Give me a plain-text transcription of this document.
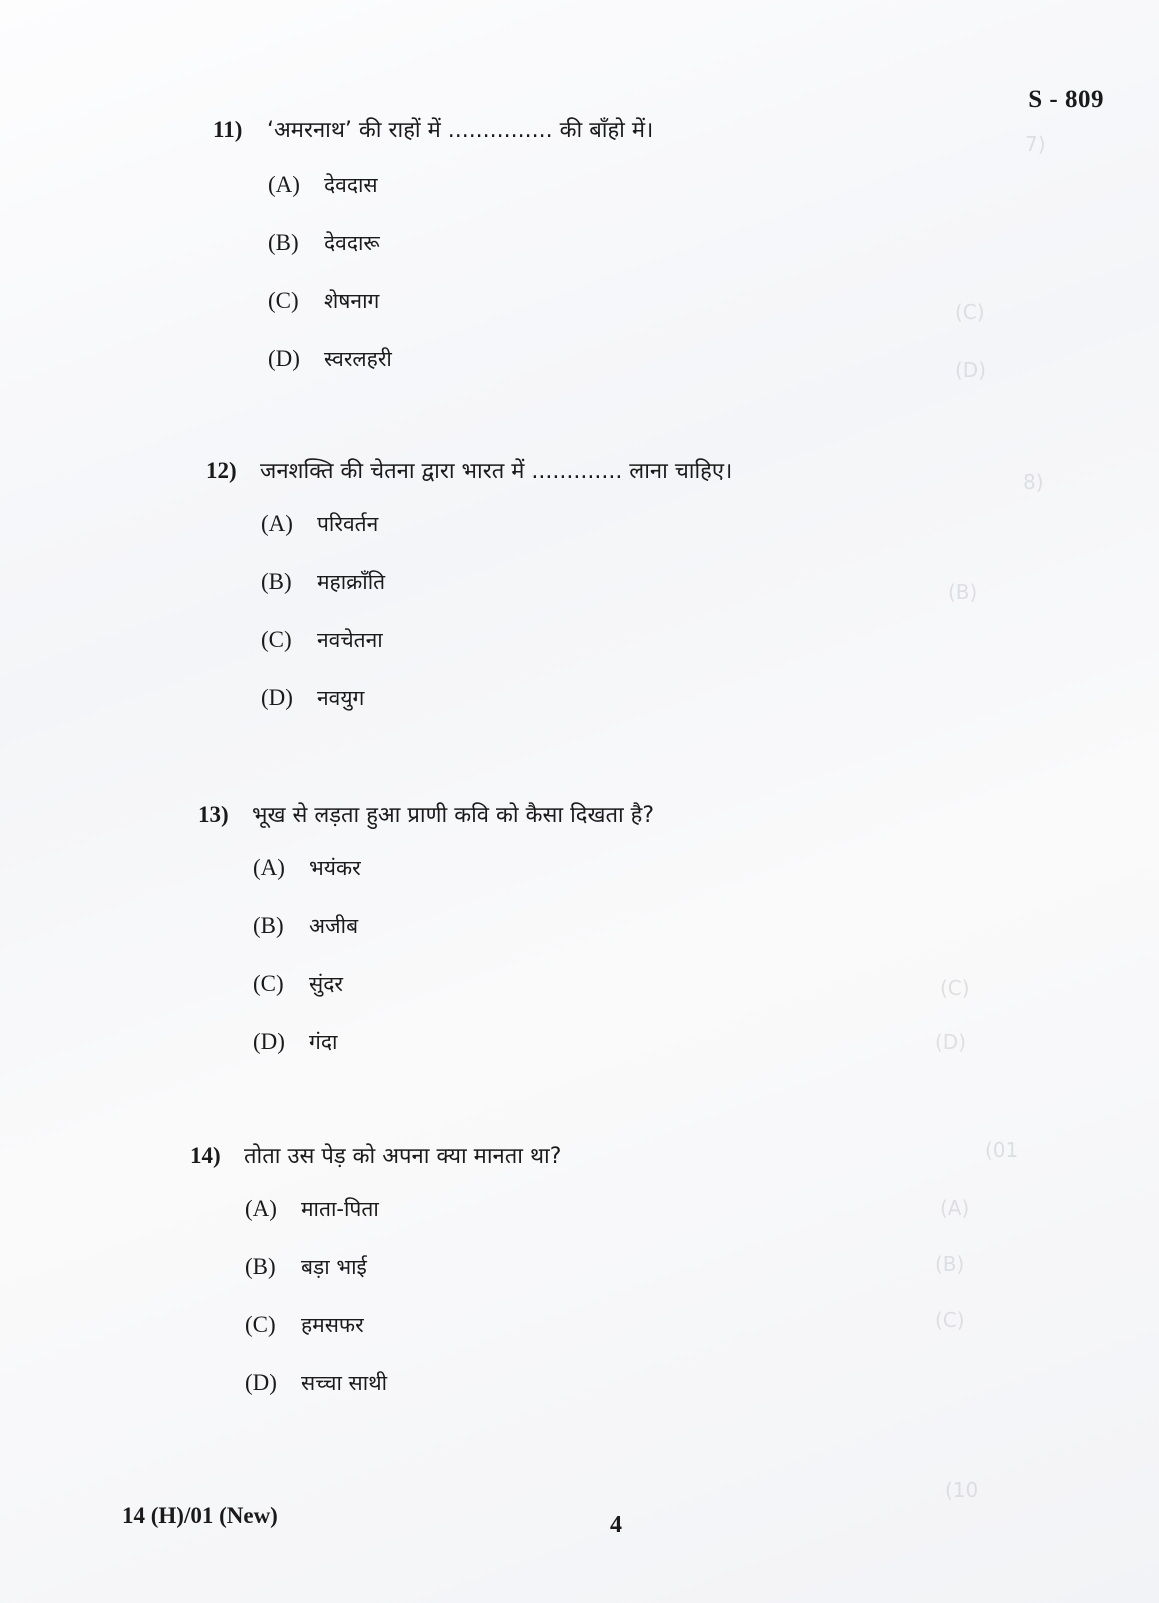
7)
8)
(C)
(D)
(B)
(C)
(D)
(01
(A)
(B)
(C)
(10
S - 809
11) ‘अमरनाथ’ की राहों में ............... की बाँहो में।
(A) देवदास
(B) देवदारू
(C) शेषनाग
(D) स्वरलहरी
12) जनशक्ति की चेतना द्वारा भारत में ............. लाना चाहिए।
(A) परिवर्तन
(B) महाक्राँति
(C) नवचेतना
(D) नवयुग
13) भूख से लड़ता हुआ प्राणी कवि को कैसा दिखता है?
(A) भयंकर
(B) अजीब
(C) सुंदर
(D) गंदा
14) तोता उस पेड़ को अपना क्या मानता था?
(A) माता-पिता
(B) बड़ा भाई
(C) हमसफर
(D) सच्चा साथी
14 (H)/01 (New)	4
